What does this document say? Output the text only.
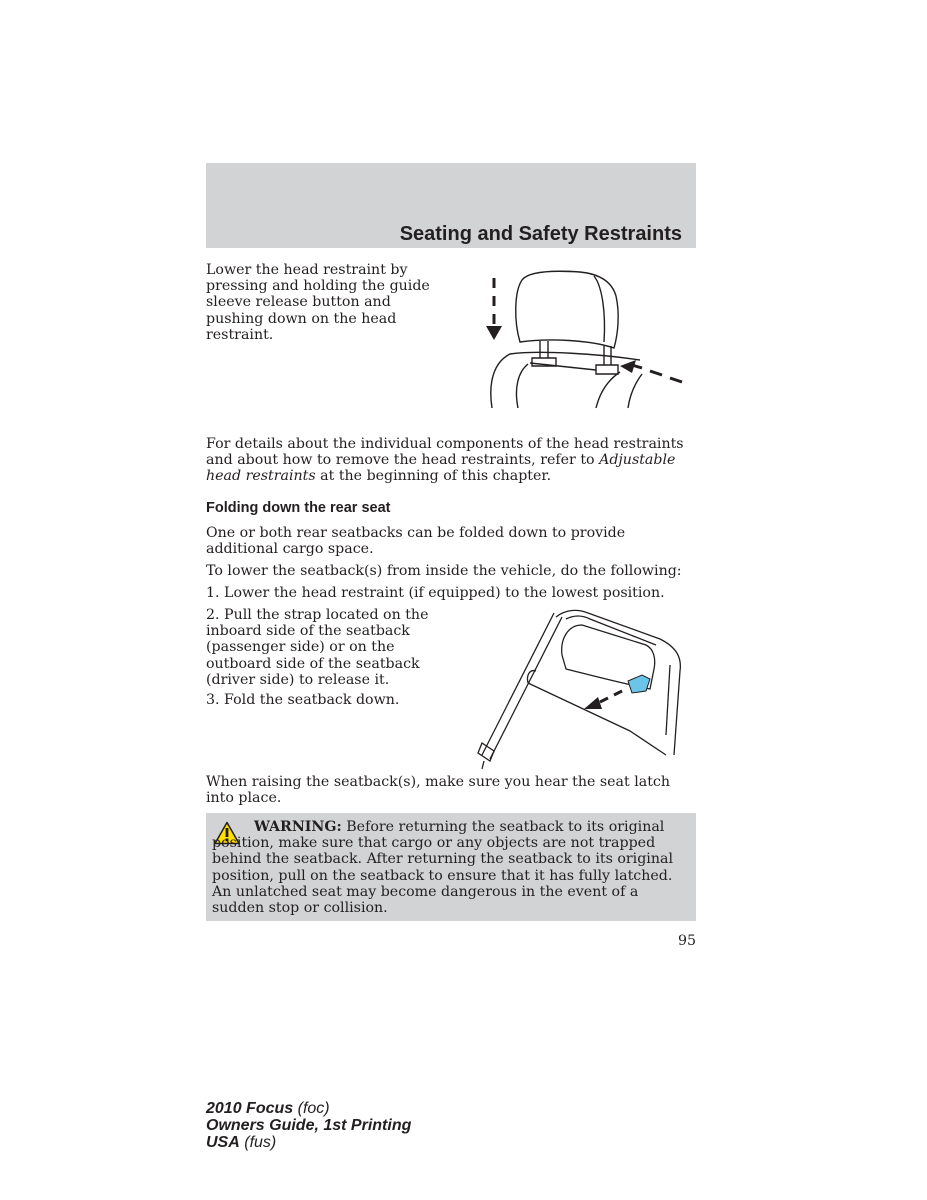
Seating and Safety Restraints

Lower the head restraint by pressing and holding the guide sleeve release button and pushing down on the head restraint.

For details about the individual components of the head restraints and about how to remove the head restraints, refer to Adjustable head restraints at the beginning of this chapter.

Folding down the rear seat

One or both rear seatbacks can be folded down to provide additional cargo space.

To lower the seatback(s) from inside the vehicle, do the following:

1. Lower the head restraint (if equipped) to the lowest position.

2. Pull the strap located on the inboard side of the seatback (passenger side) or on the outboard side of the seatback (driver side) to release it.

3. Fold the seatback down.

When raising the seatback(s), make sure you hear the seat latch into place.

WARNING: Before returning the seatback to its original position, make sure that cargo or any objects are not trapped behind the seatback. After returning the seatback to its original position, pull on the seatback to ensure that it has fully latched. An unlatched seat may become dangerous in the event of a sudden stop or collision.

95
2010 Focus (foc)
Owners Guide, 1st Printing
USA (fus)
